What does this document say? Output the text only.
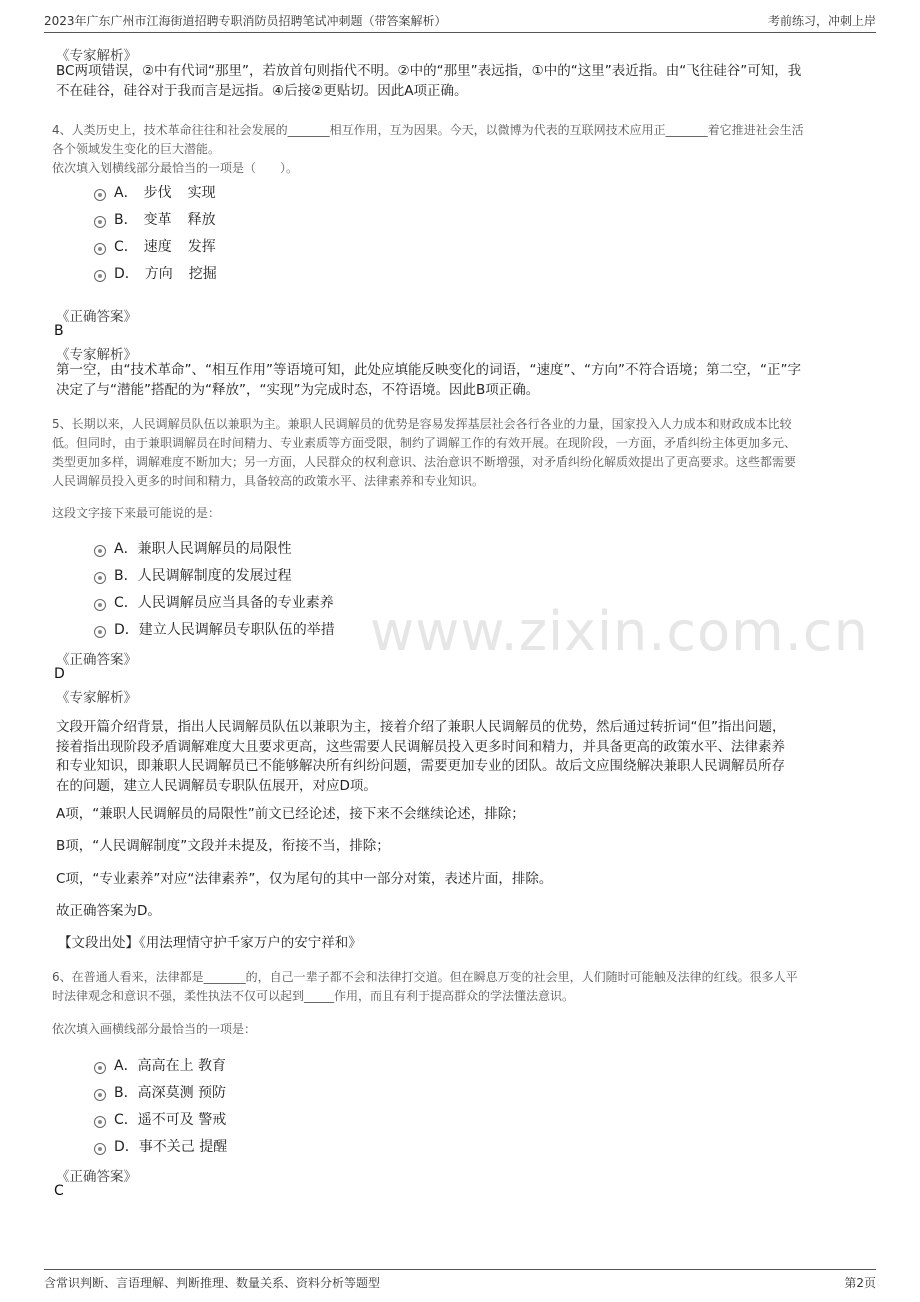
2023年广东广州市江海街道招聘专职消防员招聘笔试冲刺题（带答案解析）	考前练习，冲刺上岸
www.zixin.com.cn
《专家解析》
BC两项错误，②中有代词“那里”，若放首句则指代不明。②中的“那里”表远指，①中的“这里”表近指。由“飞往硅谷”可知，我
不在硅谷，硅谷对于我而言是远指。④后接②更贴切。因此A项正确。
4、人类历史上，技术革命往往和社会发展的_______相互作用，互为因果。今天，以微博为代表的互联网技术应用正_______着它推进社会生活
各个领域发生变化的巨大潜能。
依次填入划横线部分最恰当的一项是（　　）。
A． 步伐 实现
B． 变革 释放
C． 速度 发挥
D． 方向 挖掘
《正确答案》
B
《专家解析》
第一空，由“技术革命”、“相互作用”等语境可知，此处应填能反映变化的词语，“速度”、“方向”不符合语境；第二空，“正”字
决定了与“潜能”搭配的为“释放”，“实现”为完成时态，不符语境。因此B项正确。
5、长期以来，人民调解员队伍以兼职为主。兼职人民调解员的优势是容易发挥基层社会各行各业的力量，国家投入人力成本和财政成本比较
低。但同时，由于兼职调解员在时间精力、专业素质等方面受限，制约了调解工作的有效开展。在现阶段，一方面，矛盾纠纷主体更加多元、
类型更加多样，调解难度不断加大；另一方面，人民群众的权利意识、法治意识不断增强，对矛盾纠纷化解质效提出了更高要求。这些都需要
人民调解员投入更多的时间和精力，具备较高的政策水平、法律素养和专业知识。
这段文字接下来最可能说的是：
A．兼职人民调解员的局限性
B．人民调解制度的发展过程
C．人民调解员应当具备的专业素养
D．建立人民调解员专职队伍的举措
《正确答案》
D
《专家解析》
文段开篇介绍背景，指出人民调解员队伍以兼职为主，接着介绍了兼职人民调解员的优势，然后通过转折词“但”指出问题，
接着指出现阶段矛盾调解难度大且要求更高，这些需要人民调解员投入更多时间和精力，并具备更高的政策水平、法律素养
和专业知识，即兼职人民调解员已不能够解决所有纠纷问题，需要更加专业的团队。故后文应围绕解决兼职人民调解员所存
在的问题，建立人民调解员专职队伍展开，对应D项。
A项，“兼职人民调解员的局限性”前文已经论述，接下来不会继续论述，排除；
B项，“人民调解制度”文段并未提及，衔接不当，排除；
C项，“专业素养”对应“法律素养”，仅为尾句的其中一部分对策，表述片面，排除。
故正确答案为D。
【文段出处】《用法理情守护千家万户的安宁祥和》
6、在普通人看来，法律都是_______的，自己一辈子都不会和法律打交道。但在瞬息万变的社会里，人们随时可能触及法律的红线。很多人平
时法律观念和意识不强，柔性执法不仅可以起到_____作用，而且有利于提高群众的学法懂法意识。
依次填入画横线部分最恰当的一项是：
A．高高在上 教育
B．高深莫测 预防
C．遥不可及 警戒
D．事不关己 提醒
《正确答案》
C
含常识判断、言语理解、判断推理、数量关系、资料分析等题型	第2页
